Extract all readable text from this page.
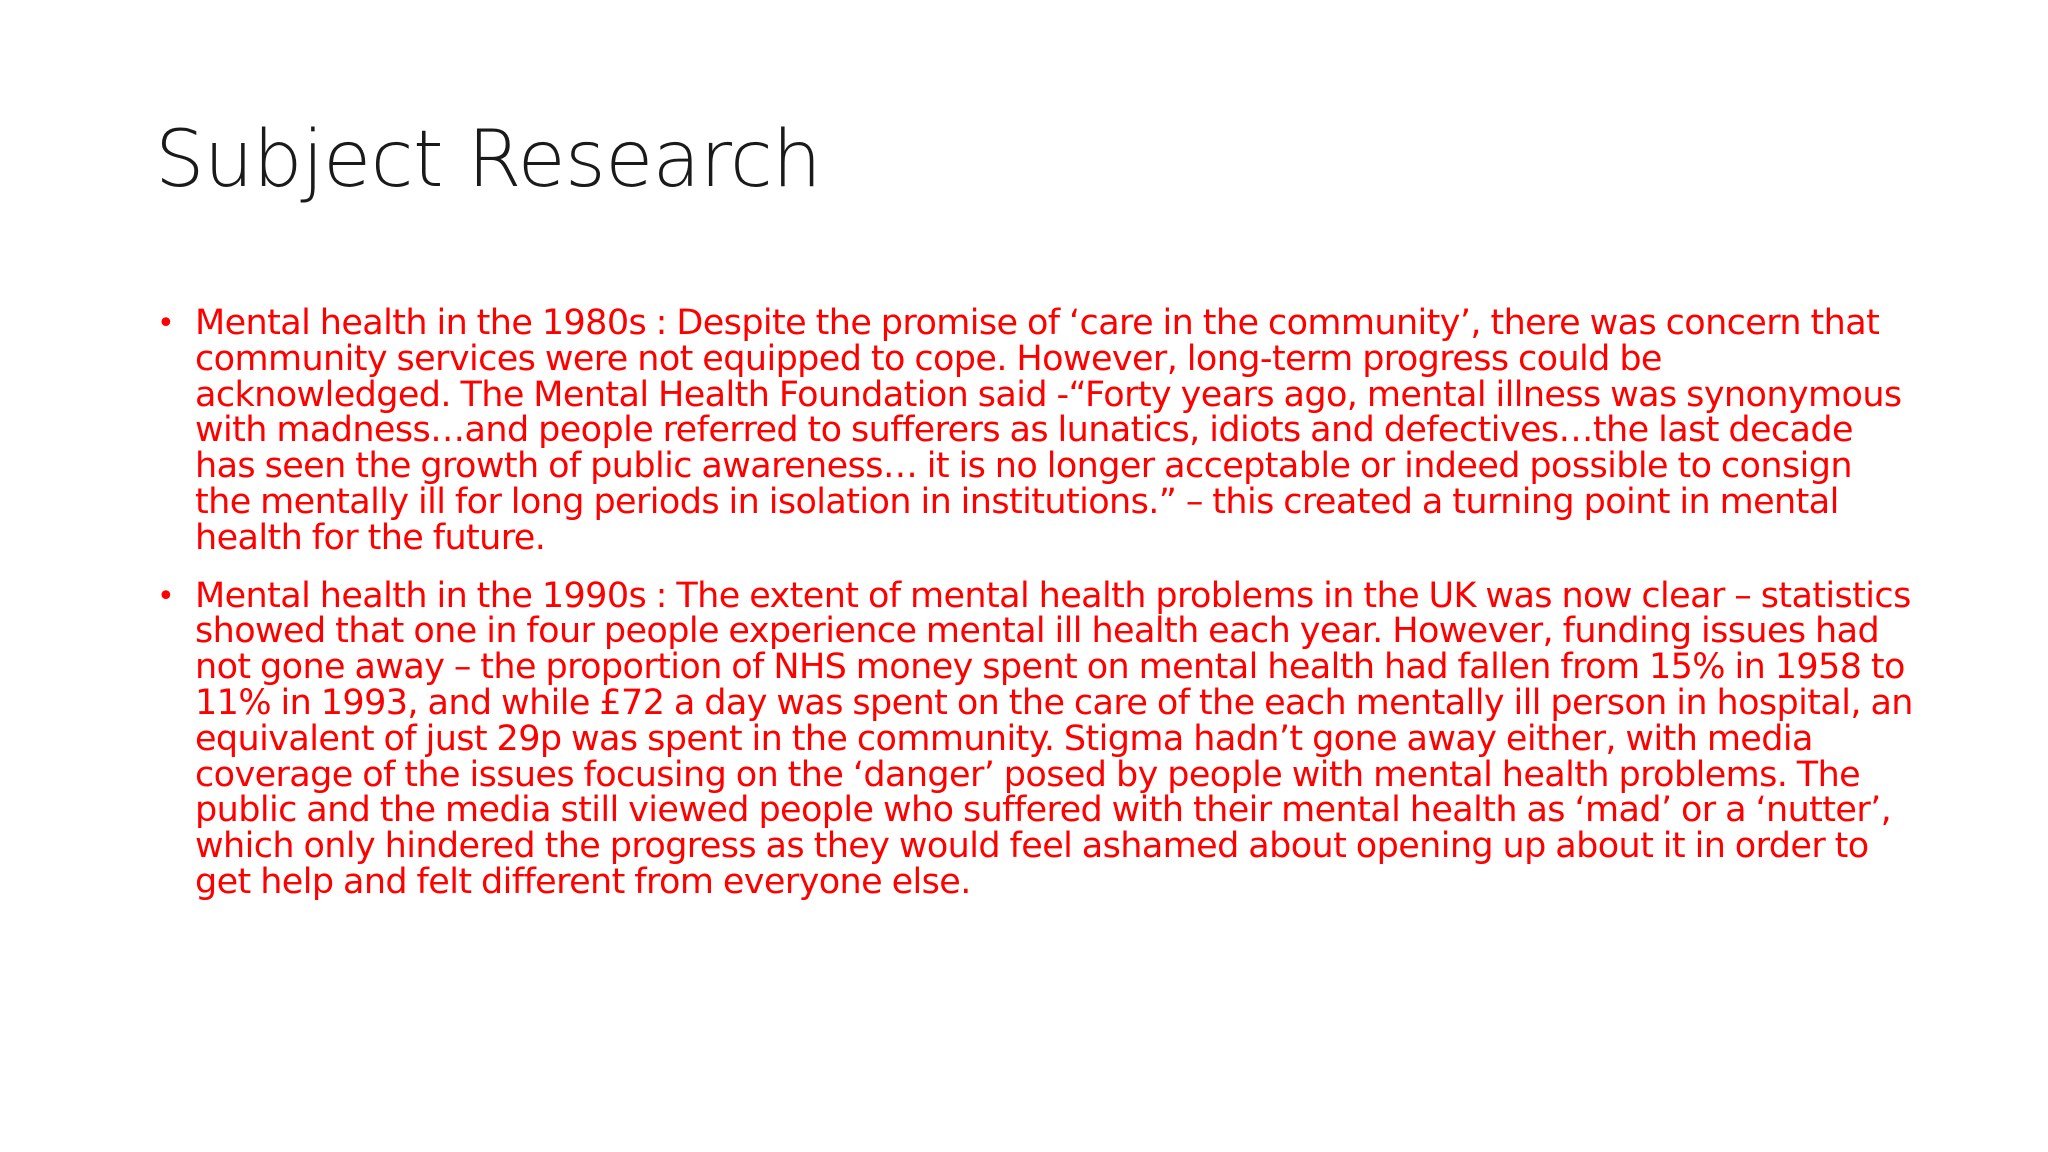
Subject Research
• Mental health in the 1980s : Despite the promise of ‘care in the community’, there was concern that community services were not equipped to cope. However, long-term progress could be acknowledged. The Mental Health Foundation said -“Forty years ago, mental illness was synonymous with madness…and people referred to sufferers as lunatics, idiots and defectives…the last decade has seen the growth of public awareness… it is no longer acceptable or indeed possible to consign the mentally ill for long periods in isolation in institutions.” – this created a turning point in mental health for the future.
• Mental health in the 1990s : The extent of mental health problems in the UK was now clear – statistics showed that one in four people experience mental ill health each year. However, funding issues had not gone away – the proportion of NHS money spent on mental health had fallen from 15% in 1958 to 11% in 1993, and while £72 a day was spent on the care of the each mentally ill person in hospital, an equivalent of just 29p was spent in the community. Stigma hadn’t gone away either, with media coverage of the issues focusing on the ‘danger’ posed by people with mental health problems. The public and the media still viewed people who suffered with their mental health as ‘mad’ or a ‘nutter’, which only hindered the progress as they would feel ashamed about opening up about it in order to get help and felt different from everyone else.
